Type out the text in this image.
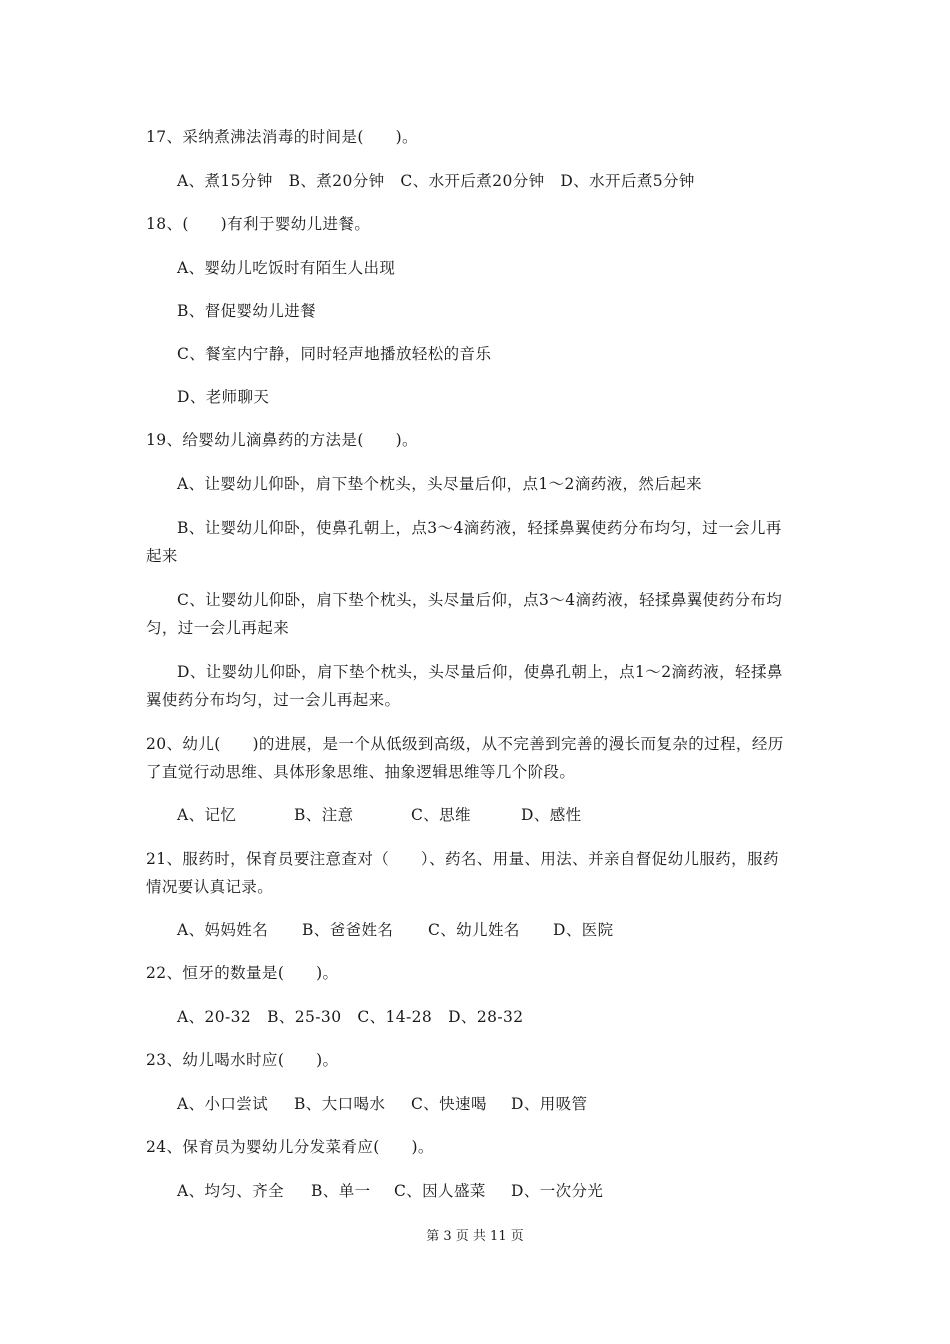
17、采纳煮沸法消毒的时间是(　　)。
A、煮15分钟　B、煮20分钟　C、水开后煮20分钟　D、水开后煮5分钟
18、(　　)有利于婴幼儿进餐。
A、婴幼儿吃饭时有陌生人出现
B、督促婴幼儿进餐
C、餐室内宁静，同时轻声地播放轻松的音乐
D、老师聊天
19、给婴幼儿滴鼻药的方法是(　　)。
A、让婴幼儿仰卧，肩下垫个枕头，头尽量后仰，点1～2滴药液，然后起来
B、让婴幼儿仰卧，使鼻孔朝上，点3～4滴药液，轻揉鼻翼使药分布均匀，过一会儿再
起来
C、让婴幼儿仰卧，肩下垫个枕头，头尽量后仰，点3～4滴药液，轻揉鼻翼使药分布均
匀，过一会儿再起来
D、让婴幼儿仰卧，肩下垫个枕头，头尽量后仰，使鼻孔朝上，点1～2滴药液，轻揉鼻
翼使药分布均匀，过一会儿再起来。
20、幼儿(　　)的进展，是一个从低级到高级，从不完善到完善的漫长而复杂的过程，经历
了直觉行动思维、具体形象思维、抽象逻辑思维等几个阶段。
A、记忆	B、注意	C、思维	D、感性
21、服药时，保育员要注意查对（　　）、药名、用量、用法、并亲自督促幼儿服药，服药
情况要认真记录。
A、妈妈姓名 B、爸爸姓名 C、幼儿姓名 D、医院
22、恒牙的数量是(　　)。
A、20-32　B、25-30　C、14-28　D、28-32
23、幼儿喝水时应(　　)。
A、小口尝试 B、大口喝水 C、快速喝 D、用吸管
24、保育员为婴幼儿分发菜肴应(　　)。
A、均匀、齐全 B、单一 C、因人盛菜 D、一次分光
第 3 页 共 11 页
